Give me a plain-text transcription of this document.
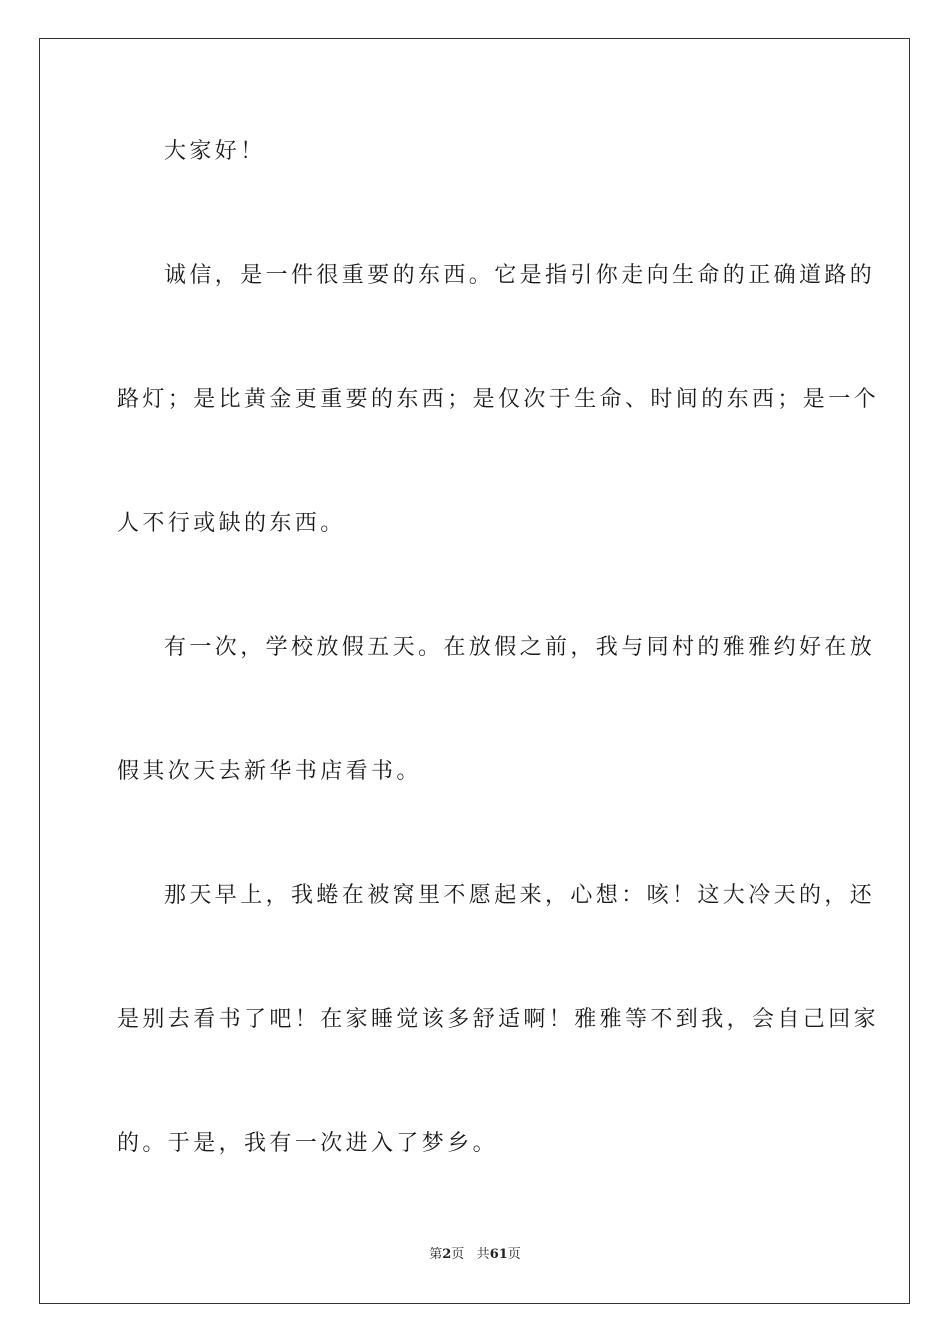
大家好！
诚信，是一件很重要的东西。它是指引你走向生命的正确道路的
路灯；是比黄金更重要的东西；是仅次于生命、时间的东西；是一个
人不行或缺的东西。
有一次，学校放假五天。在放假之前，我与同村的雅雅约好在放
假其次天去新华书店看书。
那天早上，我蜷在被窝里不愿起来，心想：咳！这大冷天的，还
是别去看书了吧！在家睡觉该多舒适啊！雅雅等不到我，会自己回家
的。于是，我有一次进入了梦乡。
第2页 共61页
